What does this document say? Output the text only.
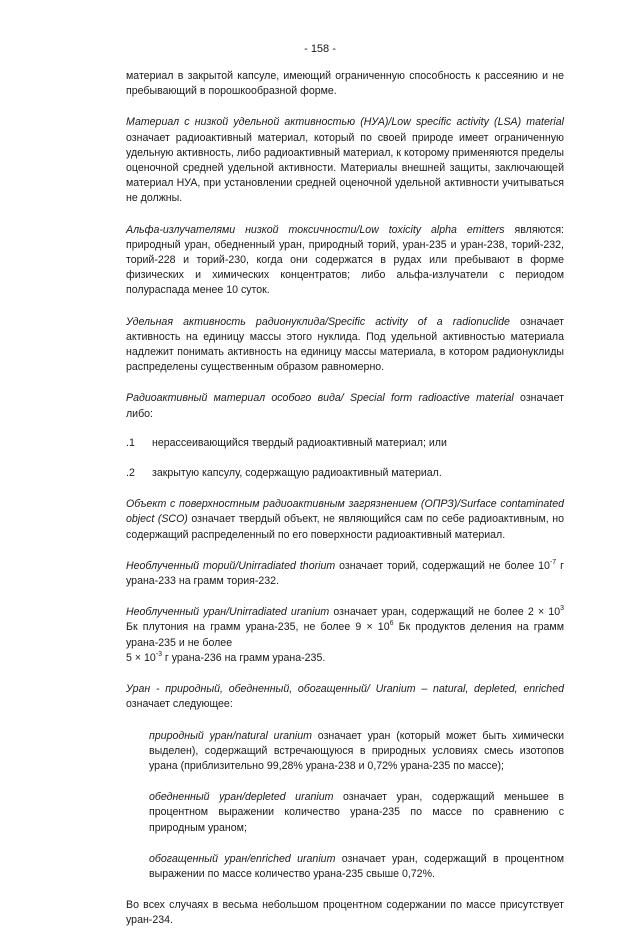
- 158 -

материал в закрытой капсуле, имеющий ограниченную способность к рассеянию и не пребывающий в порошкообразной форме.

Материал с низкой удельной активностью (НУА)/Low specific activity (LSA) material означает радиоактивный материал, который по своей природе имеет ограниченную удельную активность, либо радиоактивный материал, к которому применяются пределы оценочной средней удельной активности. Материалы внешней защиты, заключающей материал НУА, при установлении средней оценочной удельной активности учитываться не должны.

Альфа-излучателями низкой токсичности/Low toxicity alpha emitters являются: природный уран, обедненный уран, природный торий, уран-235 и уран-238, торий-232, торий-228 и торий-230, когда они содержатся в рудах или пребывают в форме физических и химических концентратов; либо альфа-излучатели с периодом полураспада менее 10 суток.

Удельная активность радионуклида/Specific activity of a radionuclide означает активность на единицу массы этого нуклида. Под удельной активностью материала надлежит понимать активность на единицу массы материала, в котором радионуклиды распределены существенным образом равномерно.

Радиоактивный материал особого вида/ Special form radioactive material означает либо:

.1	нерассеивающийся твердый радиоактивный материал; или
.2	закрытую капсулу, содержащую радиоактивный материал.

Объект с поверхностным радиоактивным загрязнением (ОПРЗ)/Surface contaminated object (SCO) означает твердый объект, не являющийся сам по себе радиоактивным, но содержащий распределенный по его поверхности радиоактивный материал.

Необлученный торий/Unirradiated thorium означает торий, содержащий не более $10^{-7}$ г урана-233 на грамм тория-232.

Необлученный уран/Unirradiated uranium означает уран, содержащий не более $2 \times 10^3$ Бк плутония на грамм урана-235, не более $9 \times 10^6$ Бк продуктов деления на грамм урана-235 и не более
$5 \times 10^{-3}$ г урана-236 на грамм урана-235.

Уран - природный, обедненный, обогащенный/ Uranium – natural, depleted, enriched означает следующее:

природный уран/natural uranium означает уран (который может быть химически выделен), содержащий встречающуюся в природных условиях смесь изотопов урана (приблизительно 99,28% урана-238 и 0,72% урана-235 по массе);

обедненный уран/depleted uranium означает уран, содержащий меньшее в процентном выражении количество урана-235 по массе по сравнению с природным ураном;

обогащенный уран/enriched uranium означает уран, содержащий в процентном выражении по массе количество урана-235 свыше 0,72%.

Во всех случаях в весьма небольшом процентном содержании по массе присутствует уран-234.
